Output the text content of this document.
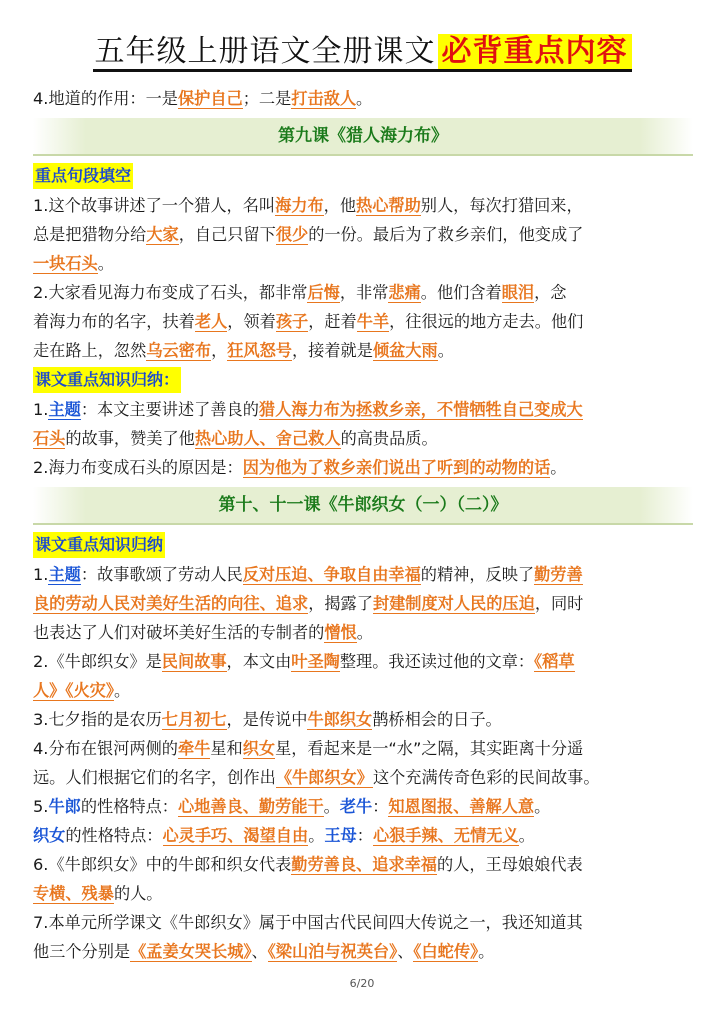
五年级上册语文全册课文 必背重点内容
4.地道的作用：一是保护自己；二是打击敌人。
第九课《猎人海力布》
重点句段填空
1.这个故事讲述了一个猎人，名叫海力布，他热心帮助别人，每次打猎回来，
总是把猎物分给大家，自己只留下很少的一份。最后为了救乡亲们，他变成了
一块石头。
2.大家看见海力布变成了石头，都非常后悔，非常悲痛。他们含着眼泪，念
着海力布的名字，扶着老人，领着孩子，赶着牛羊，往很远的地方走去。他们
走在路上，忽然乌云密布，狂风怒号，接着就是倾盆大雨。
课文重点知识归纳：
1.主题：本文主要讲述了善良的猎人海力布为拯救乡亲，不惜牺牲自己变成大
石头的故事，赞美了他热心助人、舍己救人的高贵品质。
2.海力布变成石头的原因是：因为他为了救乡亲们说出了听到的动物的话。
第十、十一课《牛郎织女（一）（二）》
课文重点知识归纳
1.主题：故事歌颂了劳动人民反对压迫、争取自由幸福的精神，反映了勤劳善
良的劳动人民对美好生活的向往、追求，揭露了封建制度对人民的压迫，同时
也表达了人们对破坏美好生活的专制者的憎恨。
2.《牛郎织女》是民间故事，本文由叶圣陶整理。我还读过他的文章：《稻草
人》《火灾》。
3.七夕指的是农历七月初七，是传说中牛郎织女鹊桥相会的日子。
4.分布在银河两侧的牵牛星和织女星，看起来是一“水”之隔，其实距离十分遥
远。人们根据它们的名字，创作出《牛郎织女》这个充满传奇色彩的民间故事。
5.牛郎的性格特点：心地善良、勤劳能干。老牛：知恩图报、善解人意。
织女的性格特点：心灵手巧、渴望自由。王母：心狠手辣、无情无义。
6.《牛郎织女》中的牛郎和织女代表勤劳善良、追求幸福的人，王母娘娘代表
专横、残暴的人。
7.本单元所学课文《牛郎织女》属于中国古代民间四大传说之一，我还知道其
他三个分别是《孟姜女哭长城》、《梁山泊与祝英台》、《白蛇传》。
6/20
